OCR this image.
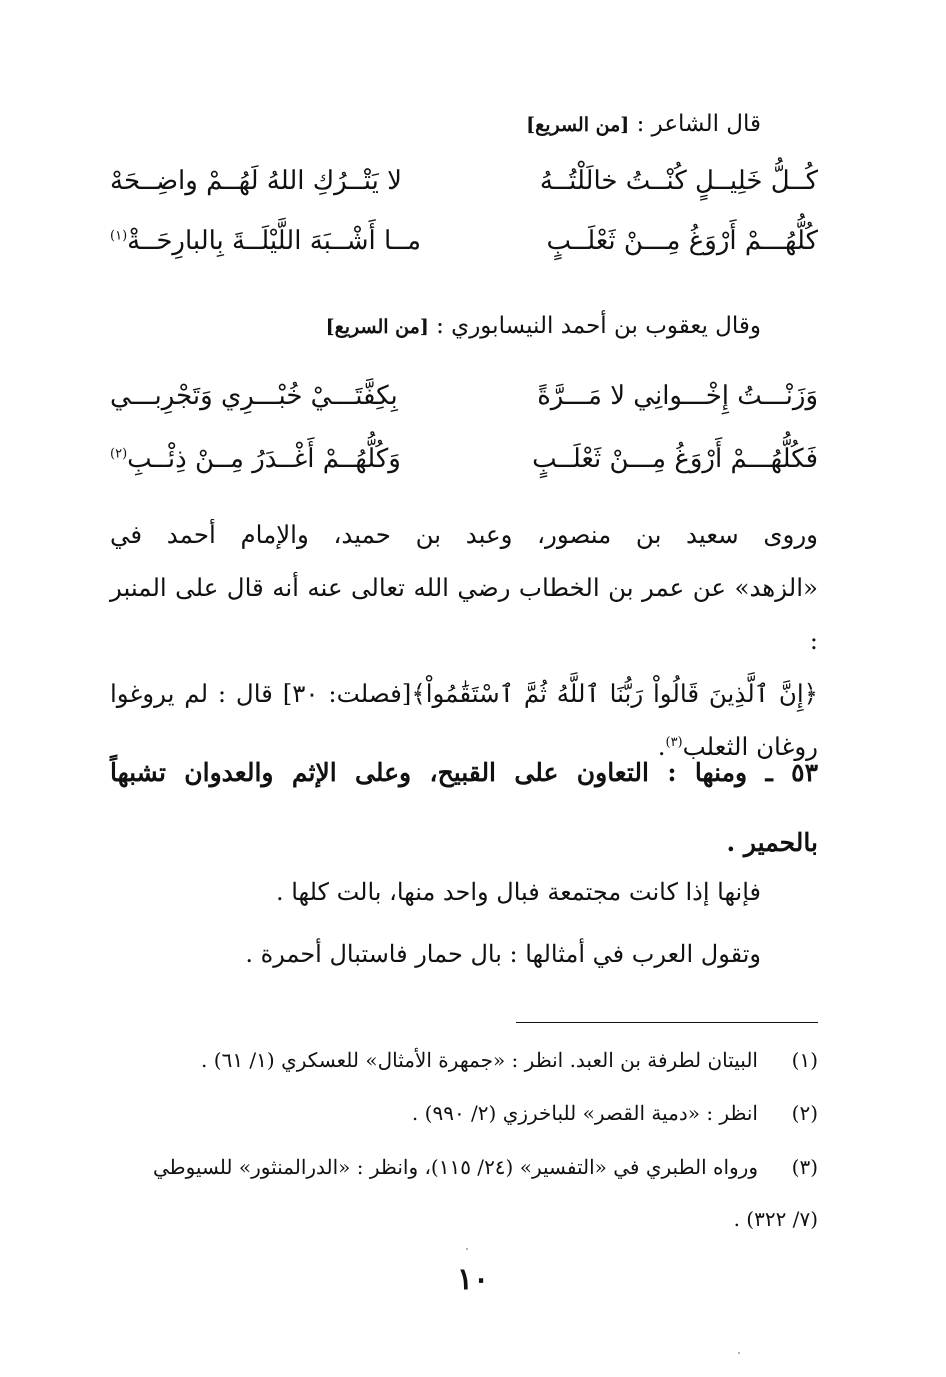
قال الشاعر : [من السريع]
كُــلُّ خَلِيــلٍ كُنْــتُ خالَلْتُــهُ
لا يَتْــرُكِ اللهُ لَهُــمْ واضِــحَهْ
كُلُّهُـــمْ أَرْوَغُ مِـــنْ ثَعْلَــبٍ
مــا أَشْــبَهَ اللَّيْلَــةَ بِالبارِحَــةْ$^{(١)}$
وقال يعقوب بن أحمد النيسابوري : [من السريع]
وَزَنْـــتُ إِخْـــوانِي لا مَـــرَّةً
بِكِفَّتَـــيْ خُبْـــرِي وَتَجْرِبـــي
فَكُلُّهُـــمْ أَرْوَغُ مِـــنْ ثَعْلَــبٍ
وَكُلُّهُــمْ أَغْــدَرُ مِــنْ ذِئْــبِ$^{(٢)}$
وروى سعيد بن منصور، وعبد بن حميد، والإمام أحمد في
«الزهد» عن عمر بن الخطاب رضي الله تعالى عنه أنه قال على المنبر :
﴿إِنَّ ٱلَّذِينَ قَالُواْ رَبُّنَا ٱللَّهُ ثُمَّ ٱسْتَقَٰمُواْ﴾[فصلت: ٣٠] قال : لم يروغوا
روغان الثعلب$^{(٣)}$.
٥٣ ـ ومنها : التعاون على القبيح، وعلى الإثم والعدوان تشبهاً
بالحمير .
فإنها إذا كانت مجتمعة فبال واحد منها، بالت كلها .
وتقول العرب في أمثالها : بال حمار فاستبال أحمرة .
(١)البيتان لطرفة بن العبد. انظر : «جمهرة الأمثال» للعسكري (١/ ٦١) .
(٢)انظر : «دمية القصر» للباخرزي (٢/ ٩٩٠) .
(٣)ورواه الطبري في «التفسير» (٢٤/ ١١٥)، وانظر : «الدرالمنثور» للسيوطي
(٧/ ٣٢٢) .
١٠
